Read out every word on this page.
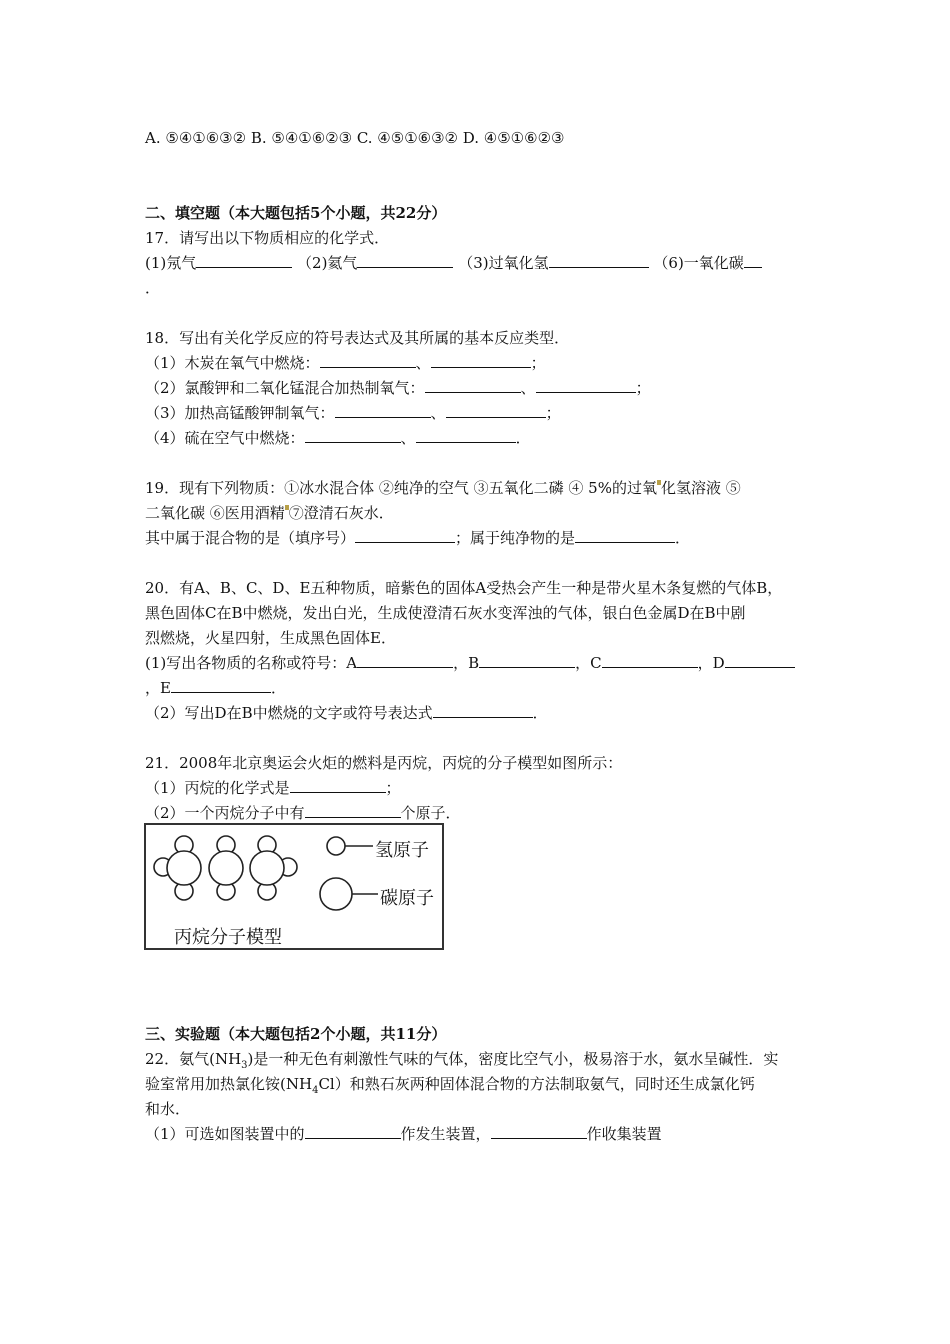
A. ⑤④①⑥③② B. ⑤④①⑥②③ C. ④⑤①⑥③② D. ④⑤①⑥②③
二、填空题（本大题包括5个小题，共22分）
17．请写出以下物质相应的化学式．
(1)氖气	（2)氦气	（3)过氧化氢	（6)一氧化碳
．
18．写出有关化学反应的符号表达式及其所属的基本反应类型．
（1）木炭在氧气中燃烧：	、	；
（2）氯酸钾和二氧化锰混合加热制氧气：	、	；
（3）加热高锰酸钾制氧气：	、	；
（4）硫在空气中燃烧：	、	．
19．现有下列物质：①冰水混合体 ②纯净的空气 ③五氧化二磷 ④ 5%的过氧 化氢溶液 ⑤
二氧化碳 ⑥医用酒精 ⑦澄清石灰水．
其中属于混合物的是（填序号）	；属于纯净物的是	．
20．有A、B、C、D、E五种物质，暗紫色的固体A受热会产生一种是带火星木条复燃的气体B，
黑色固体C在B中燃烧，发出白光，生成使澄清石灰水变浑浊的气体，银白色金属D在B中剧
烈燃烧，火星四射，生成黑色固体E．
(1)写出各物质的名称或符号：A	，B	，C	，D
，E	．
（2）写出D在B中燃烧的文字或符号表达式	．
21．2008年北京奥运会火炬的燃料是丙烷，丙烷的分子模型如图所示：
（1）丙烷的化学式是	；
（2）一个丙烷分子中有	个原子．
氢原子
碳原子
丙烷分子模型
三、实验题（本大题包括2个小题，共11分）
22．氨气$(NH_3)$是一种无色有刺激性气味的气体，密度比空气小，极易溶于水，氨水呈碱性．实
验室常用加热氯化铵$(NH_4Cl)$和熟石灰两种固体混合物的方法制取氨气，同时还生成氯化钙
和水．
（1）可选如图装置中的	作发生装置，	作收集装置
